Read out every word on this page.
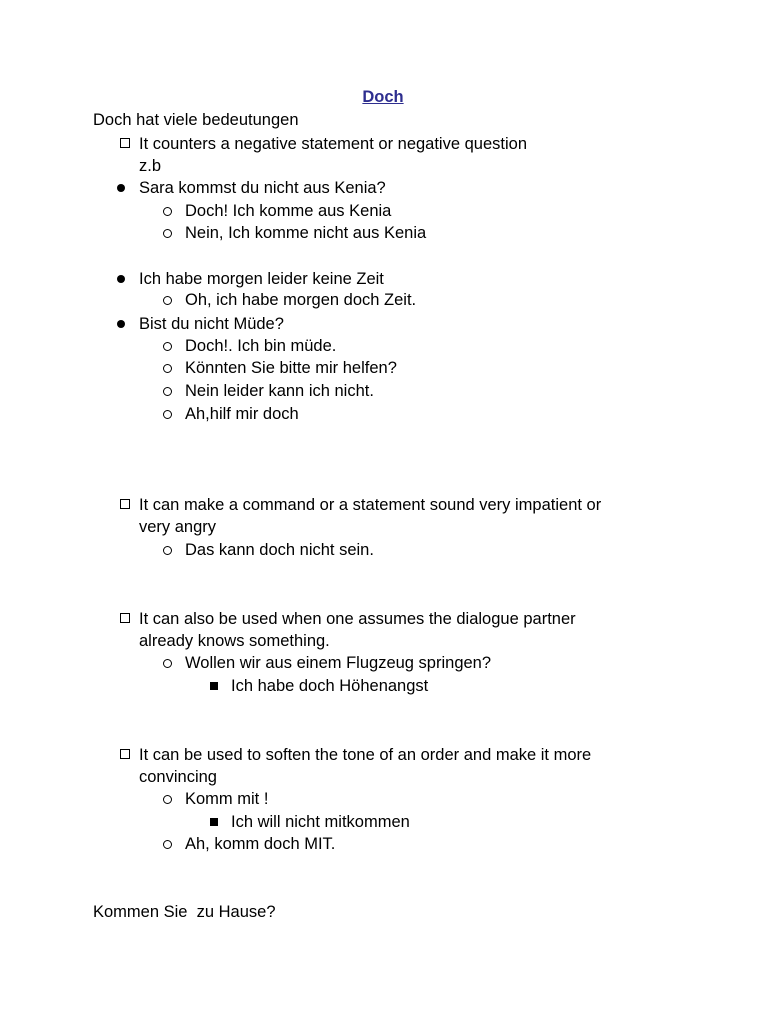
Doch
Doch hat viele bedeutungen
It counters a negative statement or negative question
z.b
Sara kommst du nicht aus Kenia?
Doch! Ich komme aus Kenia
Nein, Ich komme nicht aus Kenia
Ich habe morgen leider keine Zeit
Oh, ich habe morgen doch Zeit.
Bist du nicht Müde?
Doch!. Ich bin müde.
Könnten Sie bitte mir helfen?
Nein leider kann ich nicht.
Ah,hilf mir doch
It can make a command or a statement sound very impatient or
very angry
Das kann doch nicht sein.
It can also be used when one assumes the dialogue partner
already knows something.
Wollen wir aus einem Flugzeug springen?
Ich habe doch Höhenangst
It can be used to soften the tone of an order and make it more
convincing
Komm mit !
Ich will nicht mitkommen
Ah, komm doch MIT.
Kommen Sie  zu Hause?
